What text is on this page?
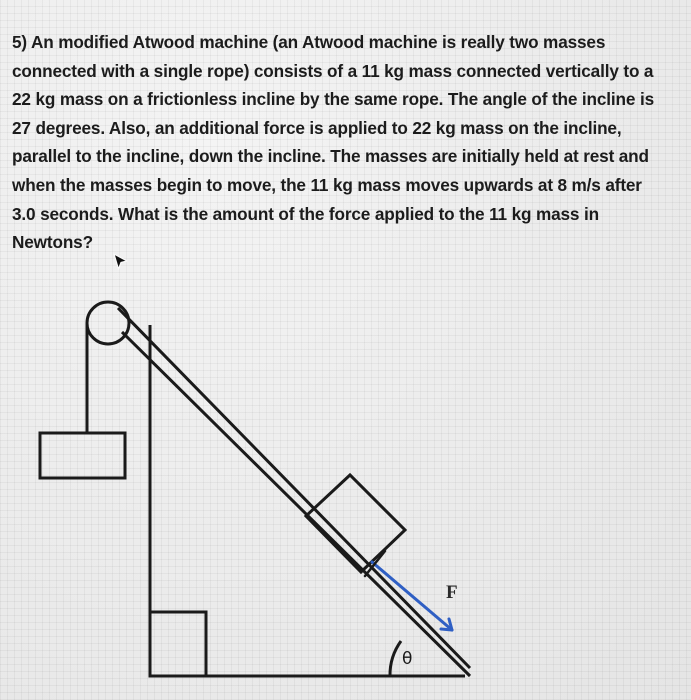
5) An modified Atwood machine (an Atwood machine is really two masses
connected with a single rope) consists of a 11 kg mass connected vertically to a
22 kg mass on a frictionless incline by the same rope. The angle of the incline is
27 degrees. Also, an additional force is applied to 22 kg mass on the incline,
parallel to the incline, down the incline. The masses are initially held at rest and
when the masses begin to move, the 11 kg mass moves upwards at 8 m/s after
3.0 seconds. What is the amount of the force applied to the 11 kg mass in
Newtons?
F
θ
